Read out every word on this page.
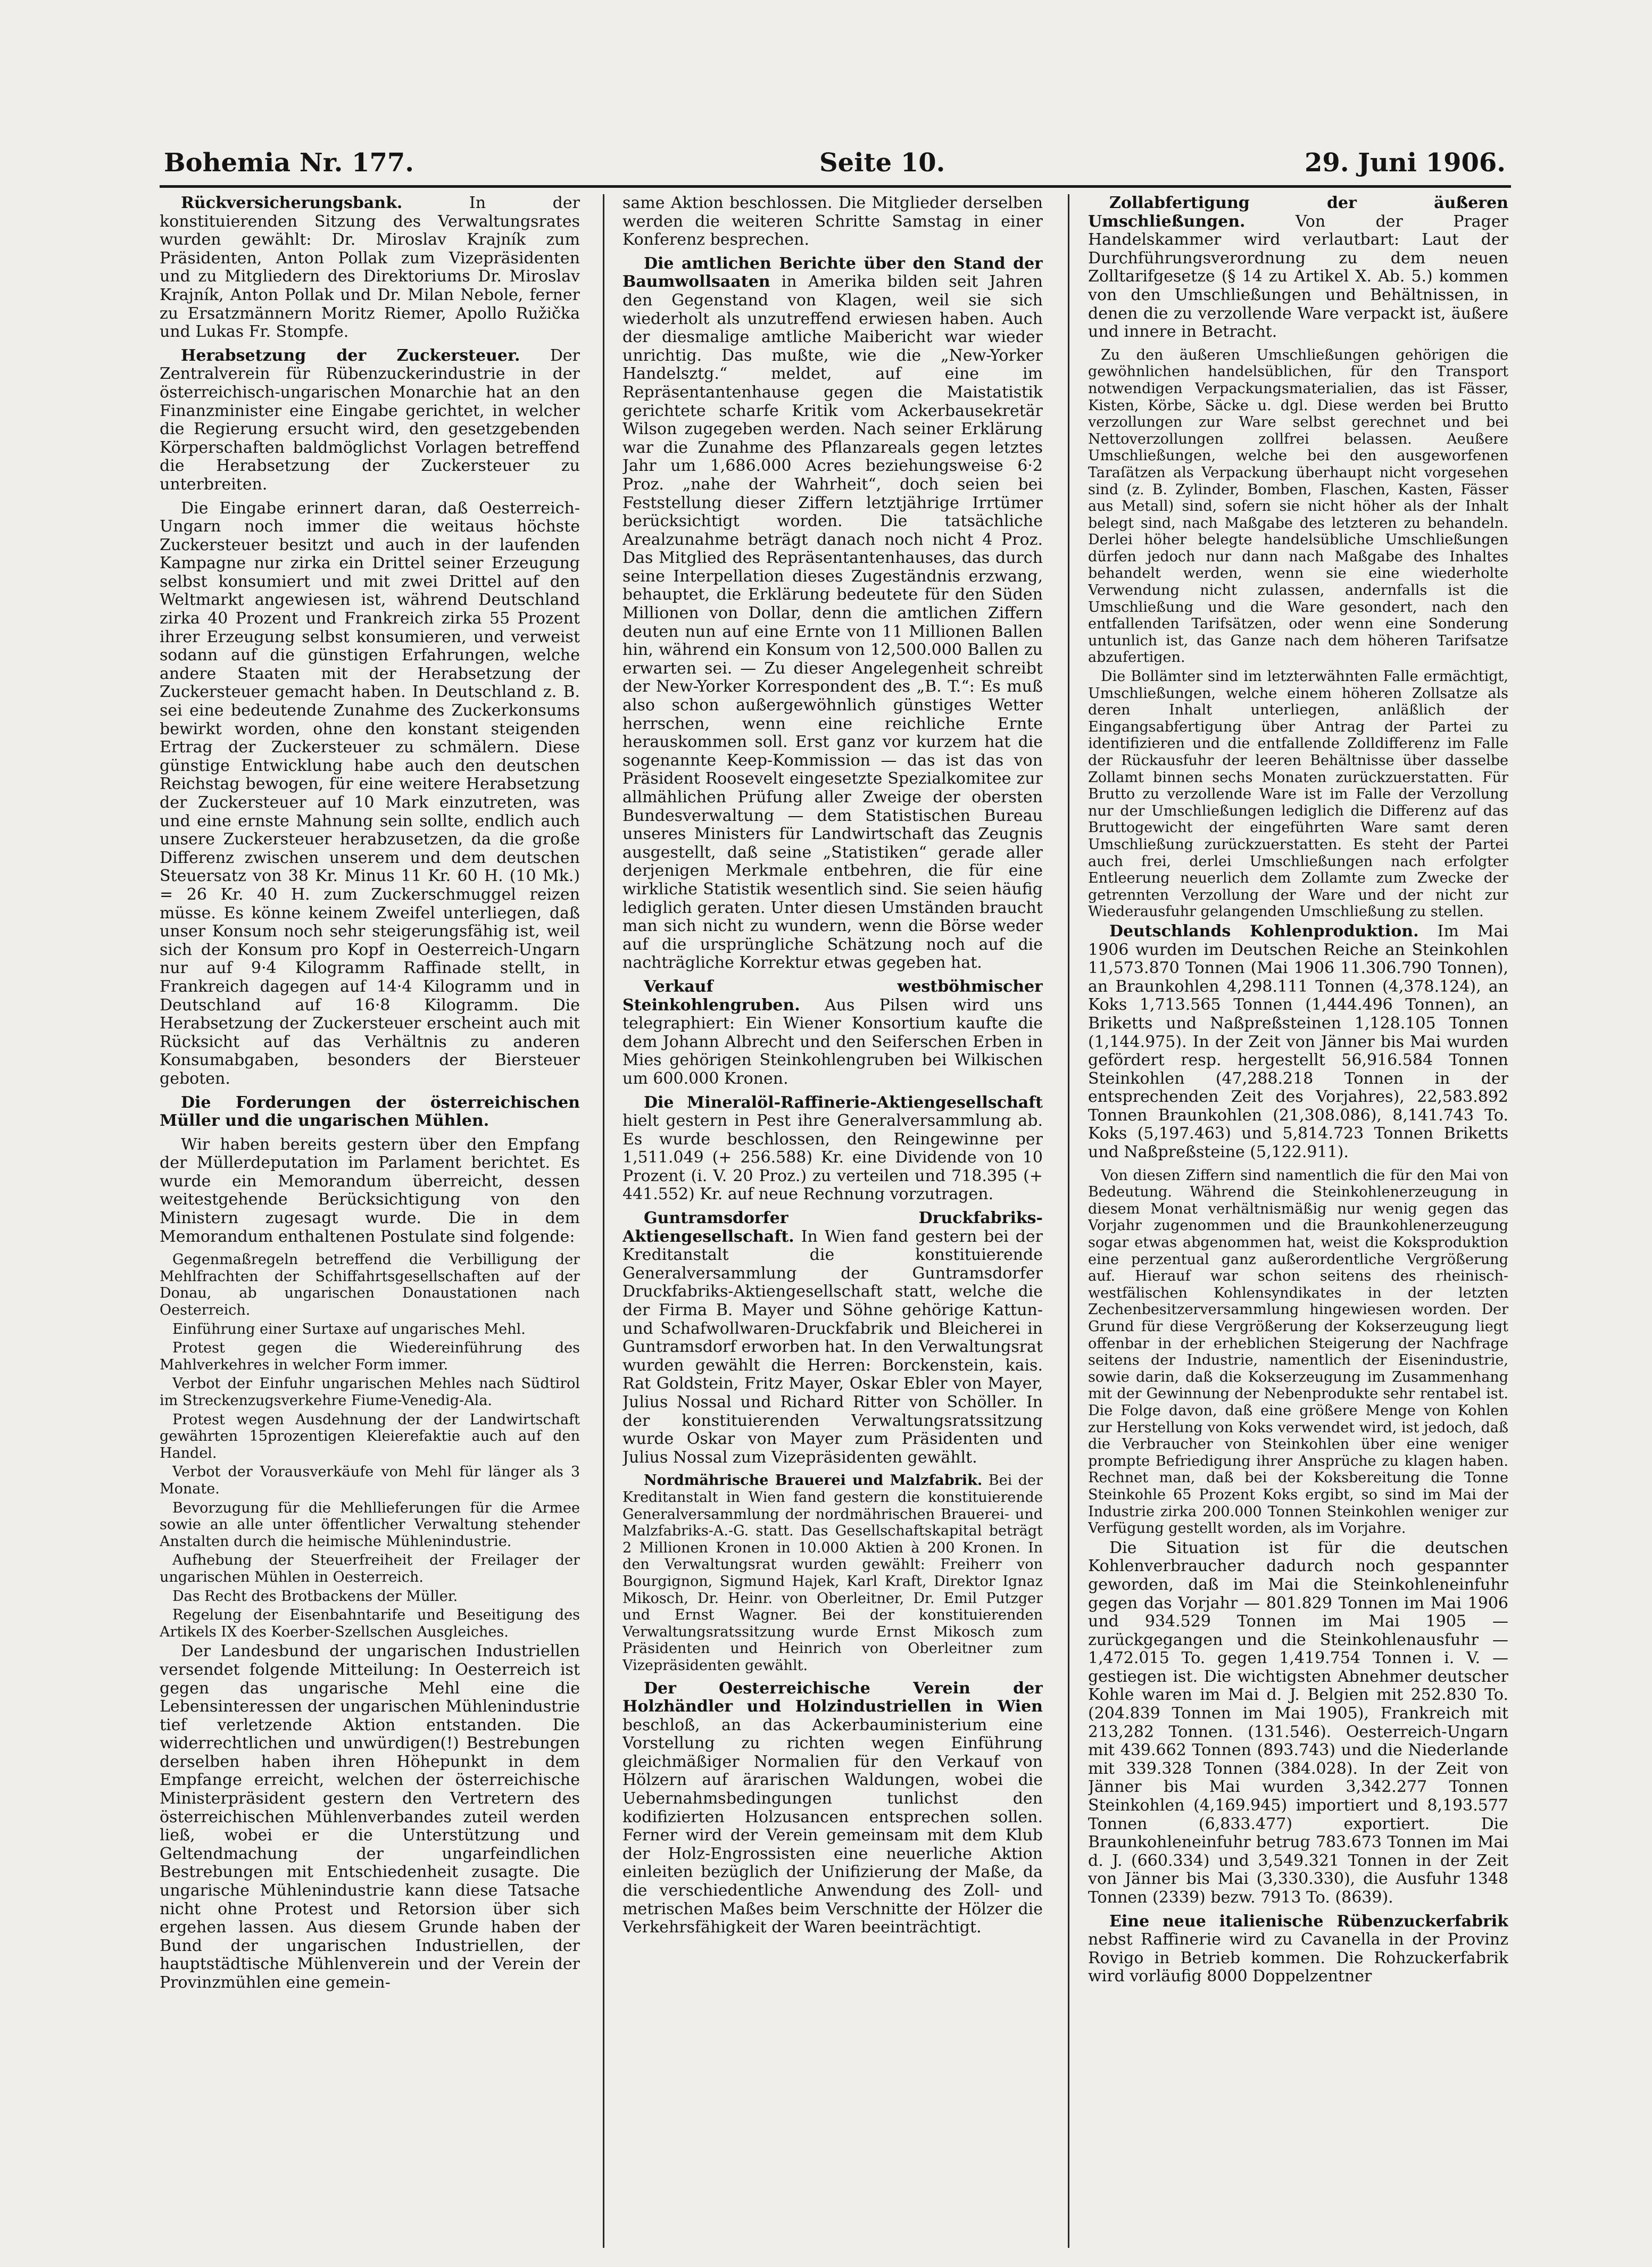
Bohemia Nr. 177.	Seite 10.	29. Juni 1906.

Rückversicherungsbank.	In der konstituierenden Sitzung des Verwaltungsrates wurden gewählt: Dr. Miroslav Krajník zum Präsidenten, Anton Pollak zum Vizepräsidenten und zu Mitgliedern des Direktoriums Dr. Miroslav Krajník, Anton Pollak und Dr. Milan Nebole, ferner zu Ersatzmännern Moritz Riemer, Apollo Ružička und Lukas Fr. Stompfe.

Herabsetzung der Zuckersteuer. Der Zentralverein für Rübenzuckerindustrie in der österreichisch-ungarischen Monarchie hat an den Finanzminister eine Eingabe gerichtet, in welcher die Regierung ersucht wird, den gesetzgebenden Körperschaften baldmöglichst Vorlagen betreffend die Herabsetzung der Zuckersteuer zu unterbreiten.

Die Eingabe erinnert daran, daß Oesterreich-Ungarn noch immer die weitaus höchste Zuckersteuer besitzt und auch in der laufenden Kampagne nur zirka ein Drittel seiner Erzeugung selbst konsumiert und mit zwei Drittel auf den Weltmarkt angewiesen ist, während Deutschland zirka 40 Prozent und Frankreich zirka 55 Prozent ihrer Erzeugung selbst konsumieren, und verweist sodann auf die günstigen Erfahrungen, welche andere Staaten mit der Herabsetzung der Zuckersteuer gemacht haben. In Deutschland z. B. sei eine bedeutende Zunahme des Zuckerkonsums bewirkt worden, ohne den konstant steigenden Ertrag der Zuckersteuer zu schmälern. Diese günstige Entwicklung habe auch den deutschen Reichstag bewogen, für eine weitere Herabsetzung der Zuckersteuer auf 10 Mark einzutreten, was und eine ernste Mahnung sein sollte, endlich auch unsere Zuckersteuer herabzusetzen, da die große Differenz zwischen unserem und dem deutschen Steuersatz von 38 Kr. Minus 11 Kr. 60 H. (10 Mk.) = 26 Kr. 40 H. zum Zuckerschmuggel reizen müsse. Es könne keinem Zweifel unterliegen, daß unser Konsum noch sehr steigerungsfähig ist, weil sich der Konsum pro Kopf in Oesterreich-Ungarn nur auf 9·4 Kilogramm Raffinade stellt, in Frankreich dagegen auf 14·4 Kilogramm und in Deutschland auf 16·8 Kilogramm. Die Herabsetzung der Zuckersteuer erscheint auch mit Rücksicht auf das Verhältnis zu anderen Konsumabgaben, besonders der Biersteuer geboten.

Die Forderungen der österreichischen Müller und die ungarischen Mühlen.

Wir haben bereits gestern über den Empfang der Müllerdeputation im Parlament berichtet. Es wurde ein Memorandum überreicht, dessen weitestgehende Berücksichtigung von den Ministern zugesagt wurde. Die in dem Memorandum enthaltenen Postulate sind folgende:

Gegenmaßregeln betreffend die Verbilligung der Mehlfrachten der Schiffahrtsgesellschaften auf der Donau, ab ungarischen Donaustationen nach Oesterreich.

Einführung einer Surtaxe auf ungarisches Mehl.

Protest gegen die Wiedereinführung des Mahlverkehres in welcher Form immer.

Verbot der Einfuhr ungarischen Mehles nach Südtirol im Streckenzugsverkehre Fiume-Venedig-Ala.

Protest wegen Ausdehnung der der Landwirtschaft gewährten 15prozentigen Kleierefaktie auch auf den Handel.

Verbot der Vorausverkäufe von Mehl für länger als 3 Monate.

Bevorzugung für die Mehllieferungen für die Armee sowie an alle unter öffentlicher Verwaltung stehender Anstalten durch die heimische Mühlenindustrie.

Aufhebung der Steuerfreiheit der Freilager der ungarischen Mühlen in Oesterreich.

Das Recht des Brotbackens der Müller.

Regelung der Eisenbahntarife und Beseitigung des Artikels IX des Koerber-Szellschen Ausgleiches.

Der Landesbund der ungarischen Industriellen versendet folgende Mitteilung: In Oesterreich ist gegen das ungarische Mehl eine die Lebensinteressen der ungarischen Mühlenindustrie tief verletzende Aktion entstanden. Die widerrechtlichen und unwürdigen(!) Bestrebungen derselben haben ihren Höhepunkt in dem Empfange erreicht, welchen der österreichische Ministerpräsident gestern den Vertretern des österreichischen Mühlenverbandes zuteil werden ließ, wobei er die Unterstützung und Geltendmachung der ungarfeindlichen Bestrebungen mit Entschiedenheit zusagte. Die ungarische Mühlenindustrie kann diese Tatsache nicht ohne Protest und Retorsion über sich ergehen lassen. Aus diesem Grunde haben der Bund der ungarischen Industriellen, der hauptstädtische Mühlenverein und der Verein der Provinzmühlen eine gemein-

same Aktion beschlossen. Die Mitglieder derselben werden die weiteren Schritte Samstag in einer Konferenz besprechen.

Die amtlichen Berichte über den Stand der Baumwollsaaten in Amerika bilden seit Jahren den Gegenstand von Klagen, weil sie sich wiederholt als unzutreffend erwiesen haben. Auch der diesmalige amtliche Maibericht war wieder unrichtig. Das mußte, wie die „New-Yorker Handelsztg.“ meldet, auf eine im Repräsentantenhause gegen die Maistatistik gerichtete scharfe Kritik vom Ackerbausekretär Wilson zugegeben werden. Nach seiner Erklärung war die Zunahme des Pflanzareals gegen letztes Jahr um 1,686.000 Acres beziehungsweise 6·2 Proz. „nahe der Wahrheit“, doch seien bei Feststellung dieser Ziffern letztjährige Irrtümer berücksichtigt worden. Die tatsächliche Arealzunahme beträgt danach noch nicht 4 Proz. Das Mitglied des Repräsentantenhauses, das durch seine Interpellation dieses Zugeständnis erzwang, behauptet, die Erklärung bedeutete für den Süden Millionen von Dollar, denn die amtlichen Ziffern deuten nun auf eine Ernte von 11 Millionen Ballen hin, während ein Konsum von 12,500.000 Ballen zu erwarten sei. — Zu dieser Angelegenheit schreibt der New-Yorker Korrespondent des „B. T.“: Es muß also schon außergewöhnlich günstiges Wetter herrschen, wenn eine reichliche Ernte herauskommen soll. Erst ganz vor kurzem hat die sogenannte Keep-Kommission — das ist das von Präsident Roosevelt eingesetzte Spezialkomitee zur allmählichen Prüfung aller Zweige der obersten Bundesverwaltung — dem Statistischen Bureau unseres Ministers für Landwirtschaft das Zeugnis ausgestellt, daß seine „Statistiken“ gerade aller derjenigen Merkmale entbehren, die für eine wirkliche Statistik wesentlich sind. Sie seien häufig lediglich geraten. Unter diesen Umständen braucht man sich nicht zu wundern, wenn die Börse weder auf die ursprüngliche Schätzung noch auf die nachträgliche Korrektur etwas gegeben hat.

Verkauf westböhmischer Steinkohlengruben. Aus Pilsen wird uns telegraphiert: Ein Wiener Konsortium kaufte die dem Johann Albrecht und den Seiferschen Erben in Mies gehörigen Steinkohlengruben bei Wilkischen um 600.000 Kronen.

Die Mineralöl-Raffinerie-Aktiengesellschaft hielt gestern in Pest ihre Generalversammlung ab. Es wurde beschlossen, den Reingewinne per 1,511.049 (+ 256.588) Kr. eine Dividende von 10 Prozent (i. V. 20 Proz.) zu verteilen und 718.395 (+ 441.552) Kr. auf neue Rechnung vorzutragen.

Guntramsdorfer Druckfabriks-Aktiengesellschaft. In Wien fand gestern bei der Kreditanstalt die konstituierende Generalversammlung der Guntramsdorfer Druckfabriks-Aktiengesellschaft statt, welche die der Firma B. Mayer und Söhne gehörige Kattun- und Schafwollwaren-Druckfabrik und Bleicherei in Guntramsdorf erworben hat. In den Verwaltungsrat wurden gewählt die Herren: Borckenstein, kais. Rat Goldstein, Fritz Mayer, Oskar Ebler von Mayer, Julius Nossal und Richard Ritter von Schöller. In der konstituierenden Verwaltungsratssitzung wurde Oskar von Mayer zum Präsidenten und Julius Nossal zum Vizepräsidenten gewählt.

Nordmährische Brauerei und Malzfabrik. Bei der Kreditanstalt in Wien fand gestern die konstituierende Generalversammlung der nordmährischen Brauerei- und Malzfabriks-A.-G. statt. Das Gesellschaftskapital beträgt 2 Millionen Kronen in 10.000 Aktien à 200 Kronen. In den Verwaltungsrat wurden gewählt: Freiherr von Bourgignon, Sigmund Hajek, Karl Kraft, Direktor Ignaz Mikosch, Dr. Heinr. von Oberleitner, Dr. Emil Putzger und Ernst Wagner. Bei der konstituierenden Verwaltungsratssitzung wurde Ernst Mikosch zum Präsidenten und Heinrich von Oberleitner zum Vizepräsidenten gewählt.

Der Oesterreichische Verein der Holzhändler und Holzindustriellen in Wien beschloß, an das Ackerbauministerium eine Vorstellung zu richten wegen Einführung gleichmäßiger Normalien für den Verkauf von Hölzern auf ärarischen Waldungen, wobei die Uebernahmsbedingungen tunlichst den kodifizierten Holzusancen entsprechen sollen. Ferner wird der Verein gemeinsam mit dem Klub der Holz-Engrossisten eine neuerliche Aktion einleiten bezüglich der Unifizierung der Maße, da die verschiedentliche Anwendung des Zoll- und metrischen Maßes beim Verschnitte der Hölzer die Verkehrsfähigkeit der Waren beeinträchtigt.

Zollabfertigung der äußeren Umschließungen.	Von der Prager Handelskammer wird verlautbart: Laut der Durchführungsverordnung zu dem neuen Zolltarifgesetze (§ 14 zu Artikel X. Ab. 5.) kommen von den Umschließungen und Behältnissen, in denen die zu verzollende Ware verpackt ist, äußere und innere in Betracht.

Zu den äußeren Umschließungen gehörigen die gewöhnlichen handelsüblichen, für den Transport notwendigen Verpackungsmaterialien, das ist Fässer, Kisten, Körbe, Säcke u. dgl. Diese werden bei Brutto verzollungen zur Ware selbst gerechnet und bei Nettoverzollungen zollfrei belassen. Aeußere Umschließungen, welche bei den ausgeworfenen Taraſätzen als Verpackung überhaupt nicht vorgesehen sind (z. B. Zylinder, Bomben, Flaschen, Kasten, Fässer aus Metall) sind, sofern sie nicht höher als der Inhalt belegt sind, nach Maßgabe des letzteren zu behandeln. Derlei höher belegte handelsübliche Umschließungen dürfen jedoch nur dann nach Maßgabe des Inhaltes behandelt werden, wenn sie eine wiederholte Verwendung nicht zulassen, andernfalls ist die Umschließung und die Ware gesondert, nach den entfallenden Tarifsätzen, oder wenn eine Sonderung untunlich ist, das Ganze nach dem höheren Tarifsatze abzufertigen.

Die Bollämter sind im letzterwähnten Falle ermächtigt, Umschließungen, welche einem höheren Zollsatze als deren Inhalt unterliegen, anläßlich der Eingangsabfertigung über Antrag der Partei zu identifizieren und die entfallende Zolldifferenz im Falle der Rückausfuhr der leeren Behältnisse über dasselbe Zollamt binnen sechs Monaten zurückzuerstatten. Für Brutto zu verzollende Ware ist im Falle der Verzollung nur der Umschließungen lediglich die Differenz auf das Bruttogewicht der eingeführten Ware samt deren Umschließung zurückzuerstatten. Es steht der Partei auch frei, derlei Umschließungen nach erfolgter Entleerung neuerlich dem Zollamte zum Zwecke der getrennten Verzollung der Ware und der nicht zur Wiederausfuhr gelangenden Umschließung zu stellen.

Deutschlands Kohlenproduktion. Im Mai 1906 wurden im Deutschen Reiche an Steinkohlen 11,573.870 Tonnen (Mai 1906 11.306.790 Tonnen), an Braunkohlen 4,298.111 Tonnen (4,378.124), an Koks 1,713.565 Tonnen (1,444.496 Tonnen), an Briketts und Naßpreßsteinen 1,128.105 Tonnen (1,144.975). In der Zeit von Jänner bis Mai wurden gefördert resp. hergestellt 56,916.584 Tonnen Steinkohlen (47,288.218 Tonnen in der entsprechenden Zeit des Vorjahres), 22,583.892 Tonnen Braunkohlen (21,308.086), 8,141.743 To. Koks (5,197.463) und 5,814.723 Tonnen Briketts und Naßpreßsteine (5,122.911).

Von diesen Ziffern sind namentlich die für den Mai von Bedeutung. Während die Steinkohlenerzeugung in diesem Monat verhältnismäßig nur wenig gegen das Vorjahr zugenommen und die Braunkohlenerzeugung sogar etwas abgenommen hat, weist die Koksproduktion eine perzentual ganz außerordentliche Vergrößerung auf. Hierauf war schon seitens des rheinisch-westfälischen Kohlensyndikates in der letzten Zechenbesitzerversammlung hingewiesen worden. Der Grund für diese Vergrößerung der Kokserzeugung liegt offenbar in der erheblichen Steigerung der Nachfrage seitens der Industrie, namentlich der Eisenindustrie, sowie darin, daß die Kokserzeugung im Zusammenhang mit der Gewinnung der Nebenprodukte sehr rentabel ist. Die Folge davon, daß eine größere Menge von Kohlen zur Herstellung von Koks verwendet wird, ist jedoch, daß die Verbraucher von Steinkohlen über eine weniger prompte Befriedigung ihrer Ansprüche zu klagen haben. Rechnet man, daß bei der Koksbereitung die Tonne Steinkohle 65 Prozent Koks ergibt, so sind im Mai der Industrie zirka 200.000 Tonnen Steinkohlen weniger zur Verfügung gestellt worden, als im Vorjahre.

Die Situation ist für die deutschen Kohlenverbraucher dadurch noch gespannter geworden, daß im Mai die Steinkohleneinfuhr gegen das Vorjahr — 801.829 Tonnen im Mai 1906 und 934.529 Tonnen im Mai 1905 — zurückgegangen und die Steinkohlenausfuhr — 1,472.015 To. gegen 1,419.754 Tonnen i. V. — gestiegen ist. Die wichtigsten Abnehmer deutscher Kohle waren im Mai d. J. Belgien mit 252.830 To. (204.839 Tonnen im Mai 1905), Frankreich mit 213,282 Tonnen. (131.546). Oesterreich-Ungarn mit 439.662 Tonnen (893.743) und die Niederlande mit 339.328 Tonnen (384.028). In der Zeit von Jänner bis Mai wurden 3,342.277 Tonnen Steinkohlen (4,169.945) importiert und 8,193.577 Tonnen (6,833.477) exportiert. Die Braunkohleneinfuhr betrug 783.673 Tonnen im Mai d. J. (660.334) und 3,549.321 Tonnen in der Zeit von Jänner bis Mai (3,330.330), die Ausfuhr 1348 Tonnen (2339) bezw. 7913 To. (8639).

Eine neue italienische Rübenzuckerfabrik nebst Raffinerie wird zu Cavanella in der Provinz Rovigo in Betrieb kommen. Die Rohzuckerfabrik wird vorläufig 8000 Doppelzentner
